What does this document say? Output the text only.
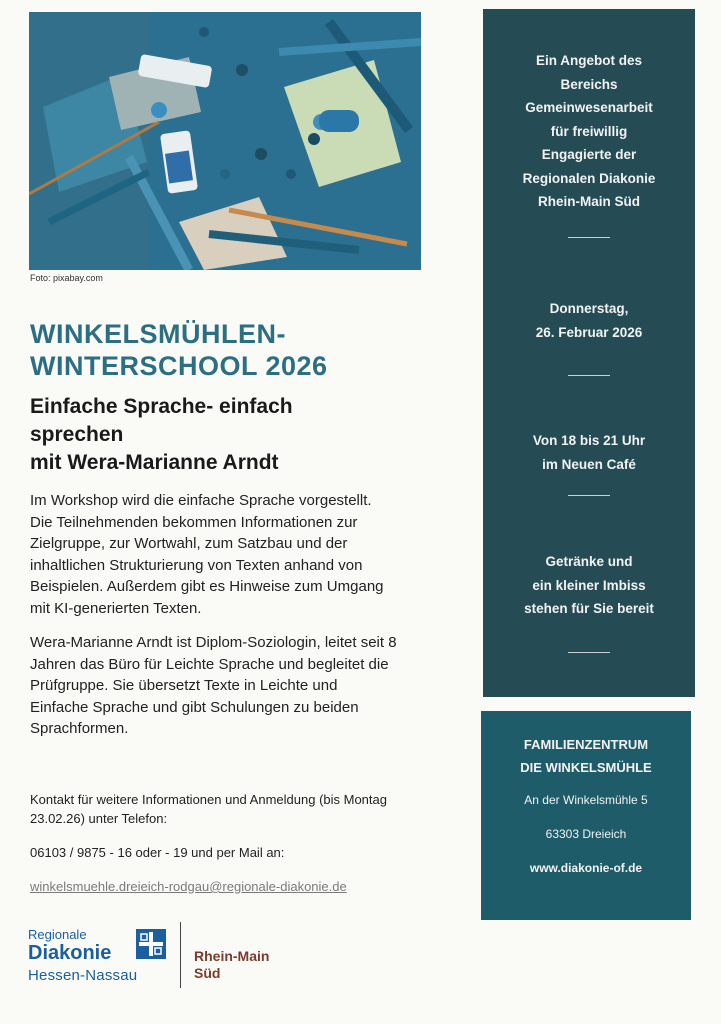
Foto: pixabay.com
WINKELSMÜHLEN-
WINTERSCHOOL 2026
Einfache Sprache- einfach
sprechen
mit Wera-Marianne Arndt
Im Workshop wird die einfache Sprache vorgestellt.
Die Teilnehmenden bekommen Informationen zur
Zielgruppe, zur Wortwahl, zum Satzbau und der
inhaltlichen Strukturierung von Texten anhand von
Beispielen. Außerdem gibt es Hinweise zum Umgang
mit KI-generierten Texten.
Wera-Marianne Arndt ist Diplom-Soziologin, leitet seit 8
Jahren das Büro für Leichte Sprache und begleitet die
Prüfgruppe. Sie übersetzt Texte in Leichte und
Einfache Sprache und gibt Schulungen zu beiden
Sprachformen.
Kontakt für weitere Informationen und Anmeldung (bis Montag
23.02.26) unter Telefon:
06103 / 9875 - 16 oder - 19 und per Mail an:
winkelsmuehle.dreieich-rodgau@regionale-diakonie.de
Regionale
Diakonie
Hessen-Nassau
Rhein-Main
Süd
Ein Angebot des
Bereichs
Gemeinwesenarbeit
für freiwillig
Engagierte der
Regionalen Diakonie
Rhein-Main Süd
Donnerstag,
26. Februar 2026
Von 18 bis 21 Uhr
im Neuen Café
Getränke und
ein kleiner Imbiss
stehen für Sie bereit
FAMILIENZENTRUM
DIE WINKELSMÜHLE
An der Winkelsmühle 5
63303 Dreieich
www.diakonie-of.de
